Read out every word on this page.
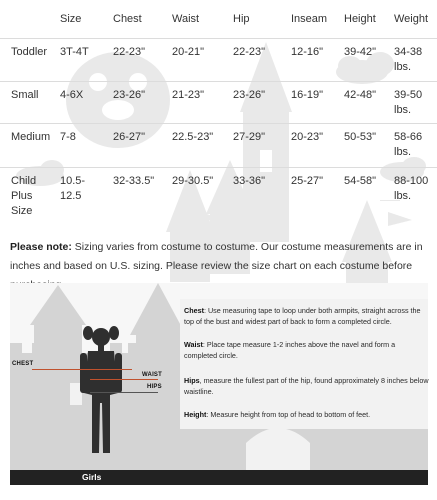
	Size	Chest	Waist	Hip	Inseam	Height	Weight
Toddler	3T-4T	22-23"	20-21"	22-23"	12-16"	39-42"	34-38 lbs.
Small	4-6X	23-26"	21-23"	23-26"	16-19"	42-48"	39-50 lbs.
Medium	7-8	26-27"	22.5-23"	27-29"	20-23"	50-53"	58-66 lbs.
Child Plus Size	10.5-12.5	32-33.5"	29-30.5"	33-36"	25-27"	54-58"	88-100 lbs.
Please note: Sizing varies from costume to costume. Our costume measurements are in inches and based on U.S. sizing. Please review the size chart on each costume before
CHEST
WAIST
HIPS
Chest: Use measuring tape to loop under both armpits, straight across the top of the bust and widest part of back to form a completed circle.
Waist: Place tape measure 1-2 inches above the navel and form a completed circle.
Hips, measure the fullest part of the hip, found approximately 8 inches below waistline.
Height: Measure height from top of head to bottom of feet.
Girls
